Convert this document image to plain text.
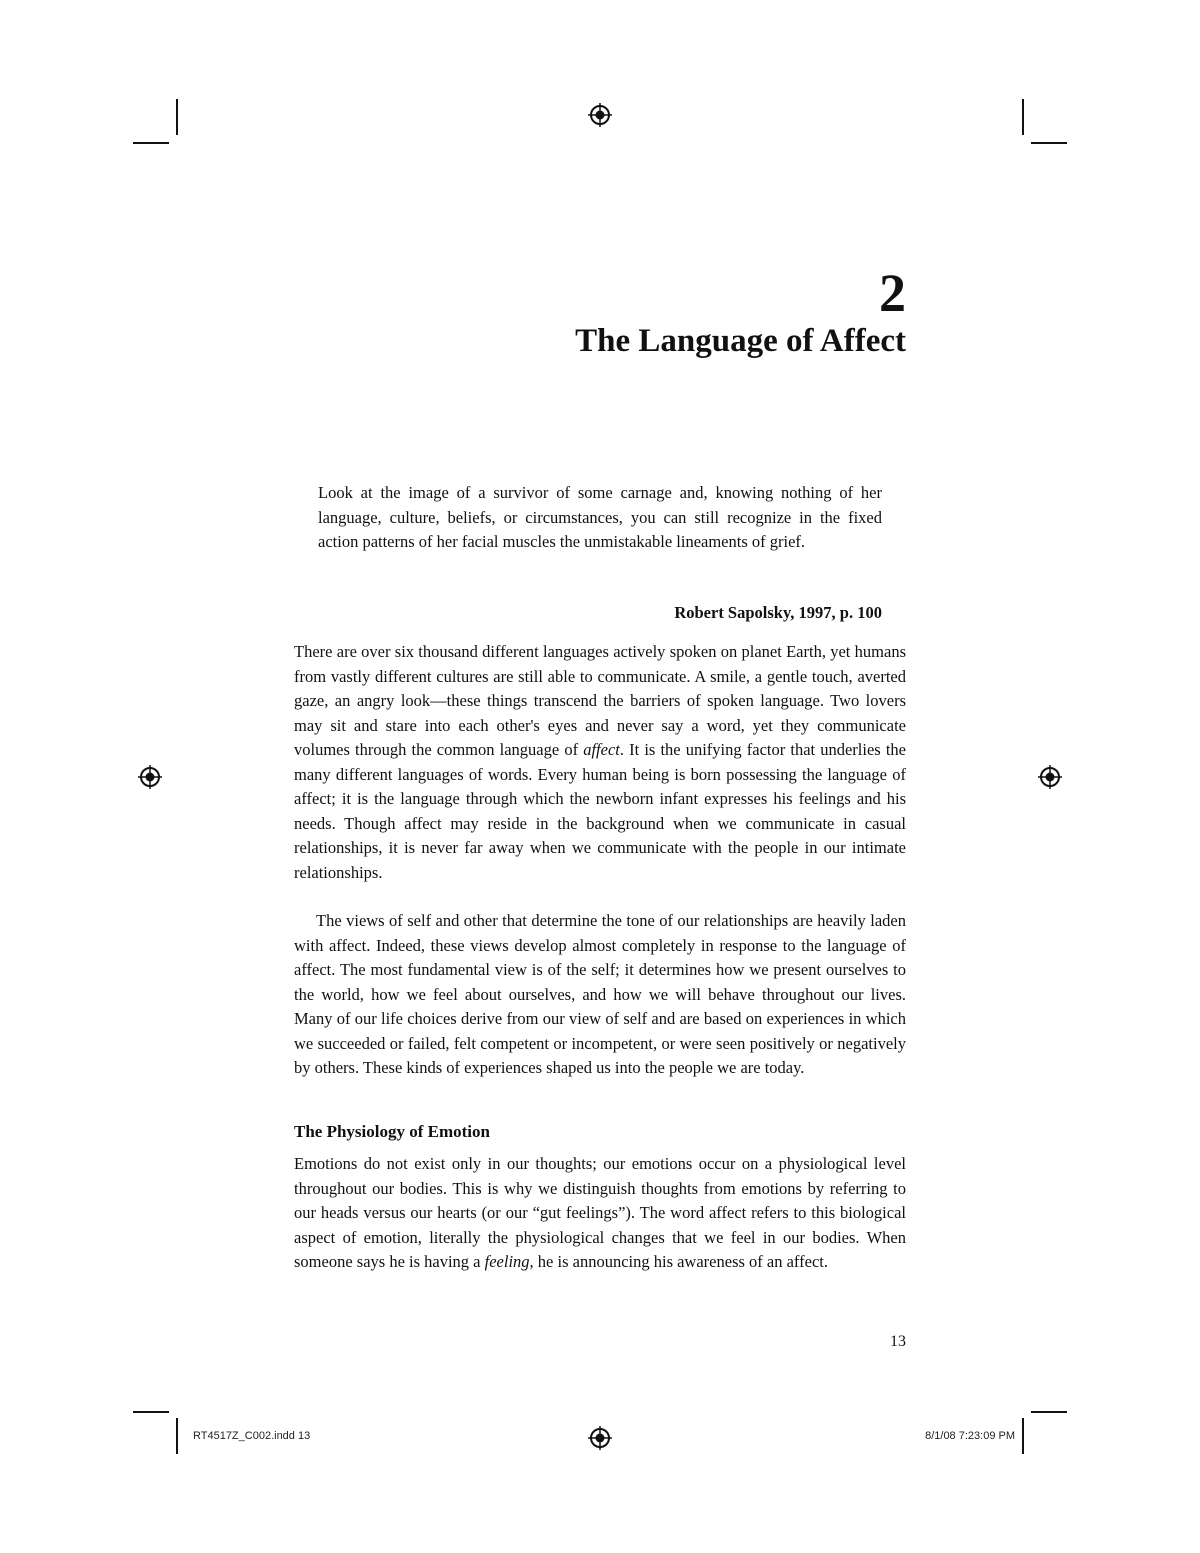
2
The Language of Affect

Look at the image of a survivor of some carnage and, knowing nothing of her language, culture, beliefs, or circumstances, you can still recognize in the fixed action patterns of her facial muscles the unmistakable lineaments of grief.

Robert Sapolsky, 1997, p. 100

There are over six thousand different languages actively spoken on planet Earth, yet humans from vastly different cultures are still able to communicate. A smile, a gentle touch, averted gaze, an angry look—these things transcend the barriers of spoken language. Two lovers may sit and stare into each other's eyes and never say a word, yet they communicate volumes through the common language of affect. It is the unifying factor that underlies the many different languages of words. Every human being is born possessing the language of affect; it is the language through which the newborn infant expresses his feelings and his needs. Though affect may reside in the background when we communicate in casual relationships, it is never far away when we communicate with the people in our intimate relationships.

The views of self and other that determine the tone of our relationships are heavily laden with affect. Indeed, these views develop almost completely in response to the language of affect. The most fundamental view is of the self; it determines how we present ourselves to the world, how we feel about ourselves, and how we will behave throughout our lives. Many of our life choices derive from our view of self and are based on experiences in which we succeeded or failed, felt competent or incompetent, or were seen positively or negatively by others. These kinds of experiences shaped us into the people we are today.

The Physiology of Emotion

Emotions do not exist only in our thoughts; our emotions occur on a physiological level throughout our bodies. This is why we distinguish thoughts from emotions by referring to our heads versus our hearts (or our “gut feelings”). The word affect refers to this biological aspect of emotion, literally the physiological changes that we feel in our bodies. When someone says he is having a feeling, he is announcing his awareness of an affect.

13
RT4517Z_C002.indd 13	8/1/08 7:23:09 PM
